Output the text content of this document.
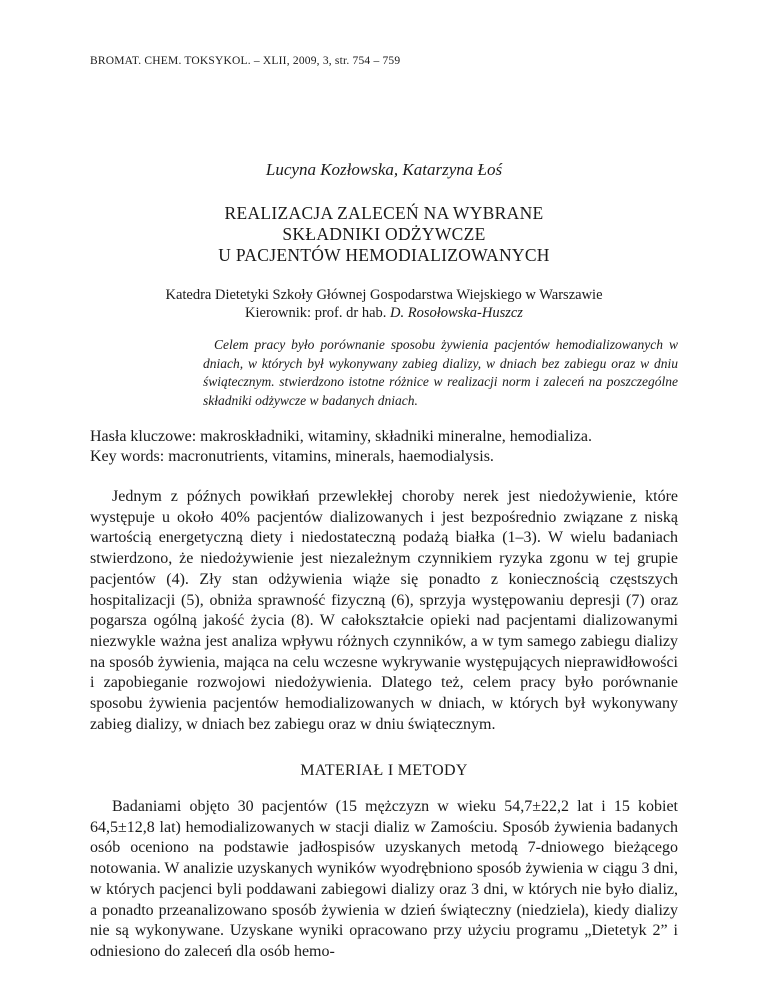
BROMAT. CHEM. TOKSYKOL. – XLII, 2009, 3, str. 754 – 759
Lucyna Kozłowska, Katarzyna Łoś
REALIZACJA ZALECEŃ NA WYBRANE
SKŁADNIKI ODŻYWCZE
U PACJENTÓW HEMODIALIZOWANYCH
Katedra Dietetyki Szkoły Głównej Gospodarstwa Wiejskiego w Warszawie
Kierownik: prof. dr hab. D. Rosołowska-Huszcz
Celem pracy było porównanie sposobu żywienia pacjentów hemodializowanych w dniach, w których był wykonywany zabieg dializy, w dniach bez zabiegu oraz w dniu świątecznym. stwierdzono istotne różnice w realizacji norm i zaleceń na poszczególne składniki odżywcze w badanych dniach.
Hasła kluczowe: makroskładniki, witaminy, składniki mineralne, hemodializa.
Key words: macronutrients, vitamins, minerals, haemodialysis.
Jednym z późnych powikłań przewlekłej choroby nerek jest niedożywienie, które występuje u około 40% pacjentów dializowanych i jest bezpośrednio związane z niską wartością energetyczną diety i niedostateczną podażą białka (1–3). W wielu badaniach stwierdzono, że niedożywienie jest niezależnym czynnikiem ryzyka zgonu w tej grupie pacjentów (4). Zły stan odżywienia wiąże się ponadto z koniecznością częstszych hospitalizacji (5), obniża sprawność fizyczną (6), sprzyja występowaniu depresji (7) oraz pogarsza ogólną jakość życia (8). W całokształcie opieki nad pacjentami dializowanymi niezwykle ważna jest analiza wpływu różnych czynników, a w tym samego zabiegu dializy na sposób żywienia, mająca na celu wczesne wykrywanie występujących nieprawidłowości i zapobieganie rozwojowi niedożywienia. Dlatego też, celem pracy było porównanie sposobu żywienia pacjentów hemodializowanych w dniach, w których był wykonywany zabieg dializy, w dniach bez zabiegu oraz w dniu świątecznym.
MATERIAŁ I METODY
Badaniami objęto 30 pacjentów (15 mężczyzn w wieku 54,7±22,2 lat i 15 kobiet 64,5±12,8 lat) hemodializowanych w stacji dializ w Zamościu. Sposób żywienia badanych osób oceniono na podstawie jadłospisów uzyskanych metodą 7-dniowego bieżącego notowania. W analizie uzyskanych wyników wyodrębniono sposób żywienia w ciągu 3 dni, w których pacjenci byli poddawani zabiegowi dializy oraz 3 dni, w których nie było dializ, a ponadto przeanalizowano sposób żywienia w dzień świąteczny (niedziela), kiedy dializy nie są wykonywane. Uzyskane wyniki opracowano przy użyciu programu „Dietetyk 2” i odniesiono do zaleceń dla osób hemo-
